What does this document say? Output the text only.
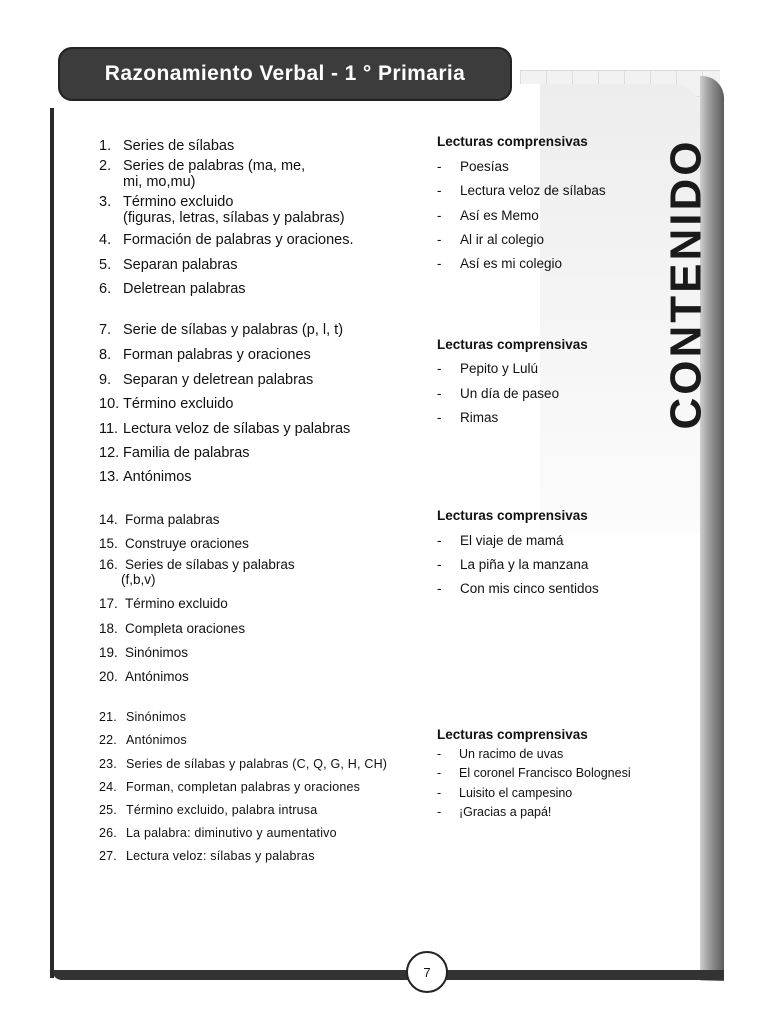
Razonamiento Verbal - 1 ° Primaria
CONTENIDO
1. Series de sílabas
2. Series de palabras (ma, me,
mi, mo,mu)
3. Término excluido
(figuras, letras, sílabas y palabras)
4. Formación de palabras y oraciones.
5. Separan palabras
6. Deletrean palabras
Lecturas comprensivas
- Poesías
- Lectura veloz de sílabas
- Así es Memo
- Al ir al colegio
- Así es mi colegio
7. Serie de sílabas y palabras (p, l, t)
8. Forman palabras y oraciones
9. Separan y deletrean palabras
10. Término excluido
11. Lectura veloz de sílabas y palabras
12. Familia de palabras
13. Antónimos
Lecturas comprensivas
- Pepito y Lulú
- Un día de paseo
- Rimas
14. Forma palabras
15. Construye oraciones
16. Series de sílabas y palabras
(f,b,v)
17. Término excluido
18. Completa oraciones
19. Sinónimos
20. Antónimos
Lecturas comprensivas
- El viaje de mamá
- La piña y la manzana
- Con mis cinco sentidos
21. Sinónimos
22. Antónimos
23. Series de sílabas y palabras (C, Q, G, H, CH)
24. Forman, completan palabras y oraciones
25. Término excluido, palabra intrusa
26. La palabra: diminutivo y aumentativo
27. Lectura veloz: sílabas y palabras
Lecturas comprensivas
- Un racimo de uvas
- El coronel Francisco Bolognesi
- Luisito el campesino
- ¡Gracias a papá!
7
